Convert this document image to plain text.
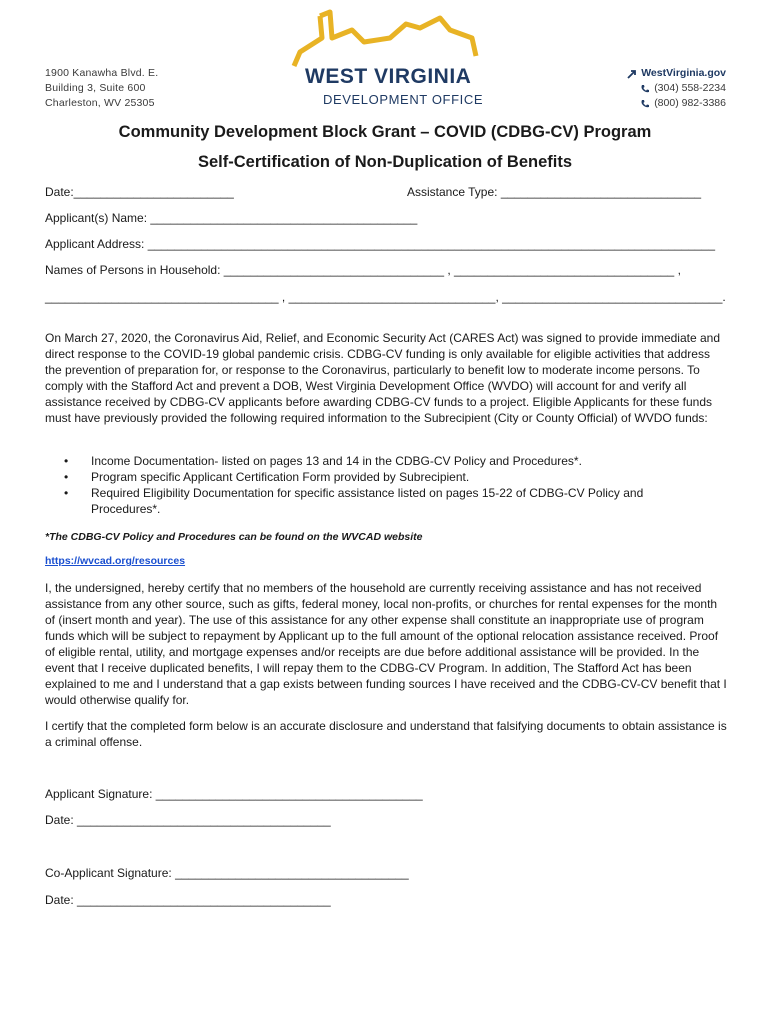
1900 Kanawha Blvd. E.
Building 3, Suite 600
Charleston, WV 25305
WEST VIRGINIA
DEVELOPMENT OFFICE
WestVirginia.gov
(304) 558-2234
(800) 982-3386
Community Development Block Grant – COVID (CDBG-CV) Program
Self-Certification of Non-Duplication of Benefits
Date:________________________	Assistance Type: ______________________________
Applicant(s) Name: ________________________________________
Applicant Address: _____________________________________________________________________________________
Names of Persons in Household: _________________________________ , _________________________________ ,
___________________________________ , _______________________________, _________________________________.

On March 27, 2020, the Coronavirus Aid, Relief, and Economic Security Act (CARES Act) was signed to provide immediate and direct response to the COVID-19 global pandemic crisis. CDBG-CV funding is only available for eligible activities that address the prevention of preparation for, or response to the Coronavirus, particularly to benefit low to moderate income persons. To comply with the Stafford Act and prevent a DOB, West Virginia Development Office (WVDO) will account for and verify all assistance received by CDBG-CV applicants before awarding CDBG-CV funds to a project. Eligible Applicants for these funds must have previously provided the following required information to the Subrecipient (City or County Official) of WVDO funds:

• Income Documentation- listed on pages 13 and 14 in the CDBG-CV Policy and Procedures*.
• Program specific Applicant Certification Form provided by Subrecipient.
• Required Eligibility Documentation for specific assistance listed on pages 15-22 of CDBG-CV Policy and Procedures*.
*The CDBG-CV Policy and Procedures can be found on the WVCAD website
https://wvcad.org/resources

I, the undersigned, hereby certify that no members of the household are currently receiving assistance and has not received assistance from any other source, such as gifts, federal money, local non-profits, or churches for rental expenses for the month of (insert month and year). The use of this assistance for any other expense shall constitute an inappropriate use of program funds which will be subject to repayment by Applicant up to the full amount of the optional relocation assistance received. Proof of eligible rental, utility, and mortgage expenses and/or receipts are due before additional assistance will be provided. In the event that I receive duplicated benefits, I will repay them to the CDBG-CV Program. In addition, The Stafford Act has been explained to me and I understand that a gap exists between funding sources I have received and the CDBG-CV-CV benefit that I would otherwise qualify for.

I certify that the completed form below is an accurate disclosure and understand that falsifying documents to obtain assistance is a criminal offense.

Applicant Signature: ________________________________________
Date: ______________________________________
Co-Applicant Signature: ___________________________________
Date: ______________________________________
